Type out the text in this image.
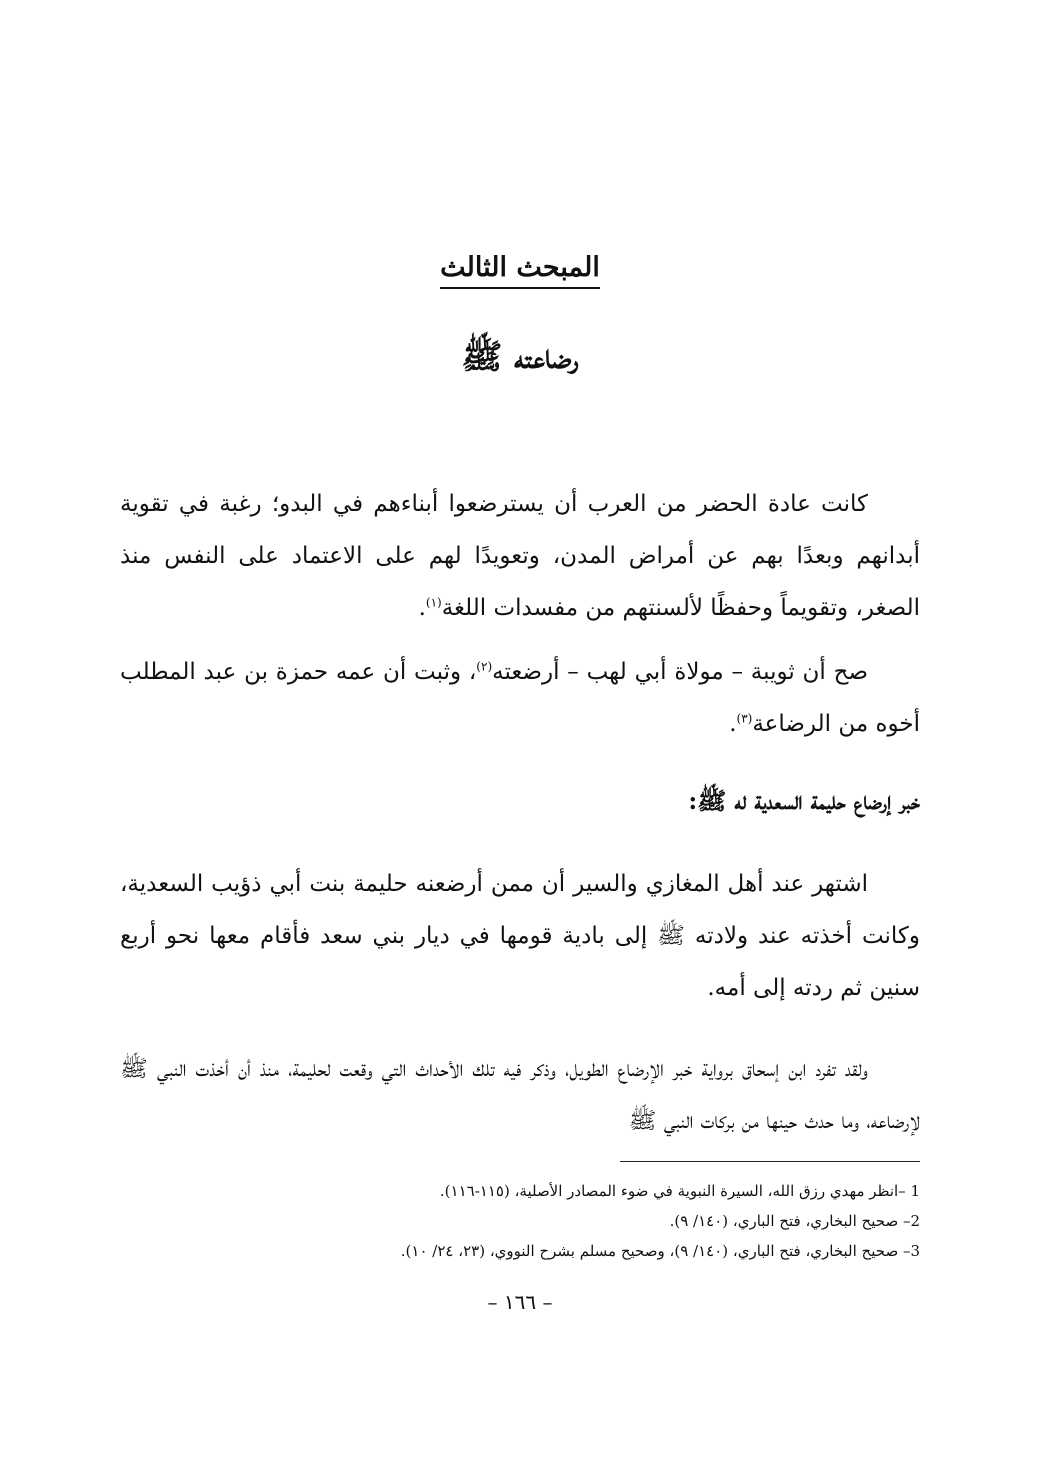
المبحث الثالث
رضاعته ﷺ

كانت عادة الحضر من العرب أن يسترضعوا أبناءهم في البدو؛ رغبة في تقوية أبدانهم وبعدًا بهم عن أمراض المدن، وتعويدًا لهم على الاعتماد على النفس منذ الصغر، وتقويماً وحفظًا لألسنتهم من مفسدات اللغة$^{(١)}$.

صح أن ثويبة – مولاة أبي لهب – أرضعته$^{(٢)}$، وثبت أن عمه حمزة بن عبد المطلب أخوه من الرضاعة$^{(٣)}$.

خبر إرضاع حليمة السعدية له ﷺ:

اشتهر عند أهل المغازي والسير أن ممن أرضعنه حليمة بنت أبي ذؤيب السعدية، وكانت أخذته عند ولادته ﷺ إلى بادية قومها في ديار بني سعد فأقام معها نحو أربع سنين ثم ردته إلى أمه.

ولقد تفرد ابن إسحاق برواية خبر الإرضاع الطويل، وذكر فيه تلك الأحداث التي وقعت لحليمة، منذ أن أخذت النبي ﷺ لإرضاعه، وما حدث حينها من بركات النبي ﷺ

1 –انظر مهدي رزق الله، السيرة النبوية في ضوء المصادر الأصلية، (١١٥-١١٦).
2– صحيح البخاري، فتح الباري، (١٤٠/ ٩).
3– صحيح البخاري، فتح الباري، (١٤٠/ ٩)، وصحيح مسلم بشرح النووي، (٢٣، ٢٤/ ١٠).
– ١٦٦ –
